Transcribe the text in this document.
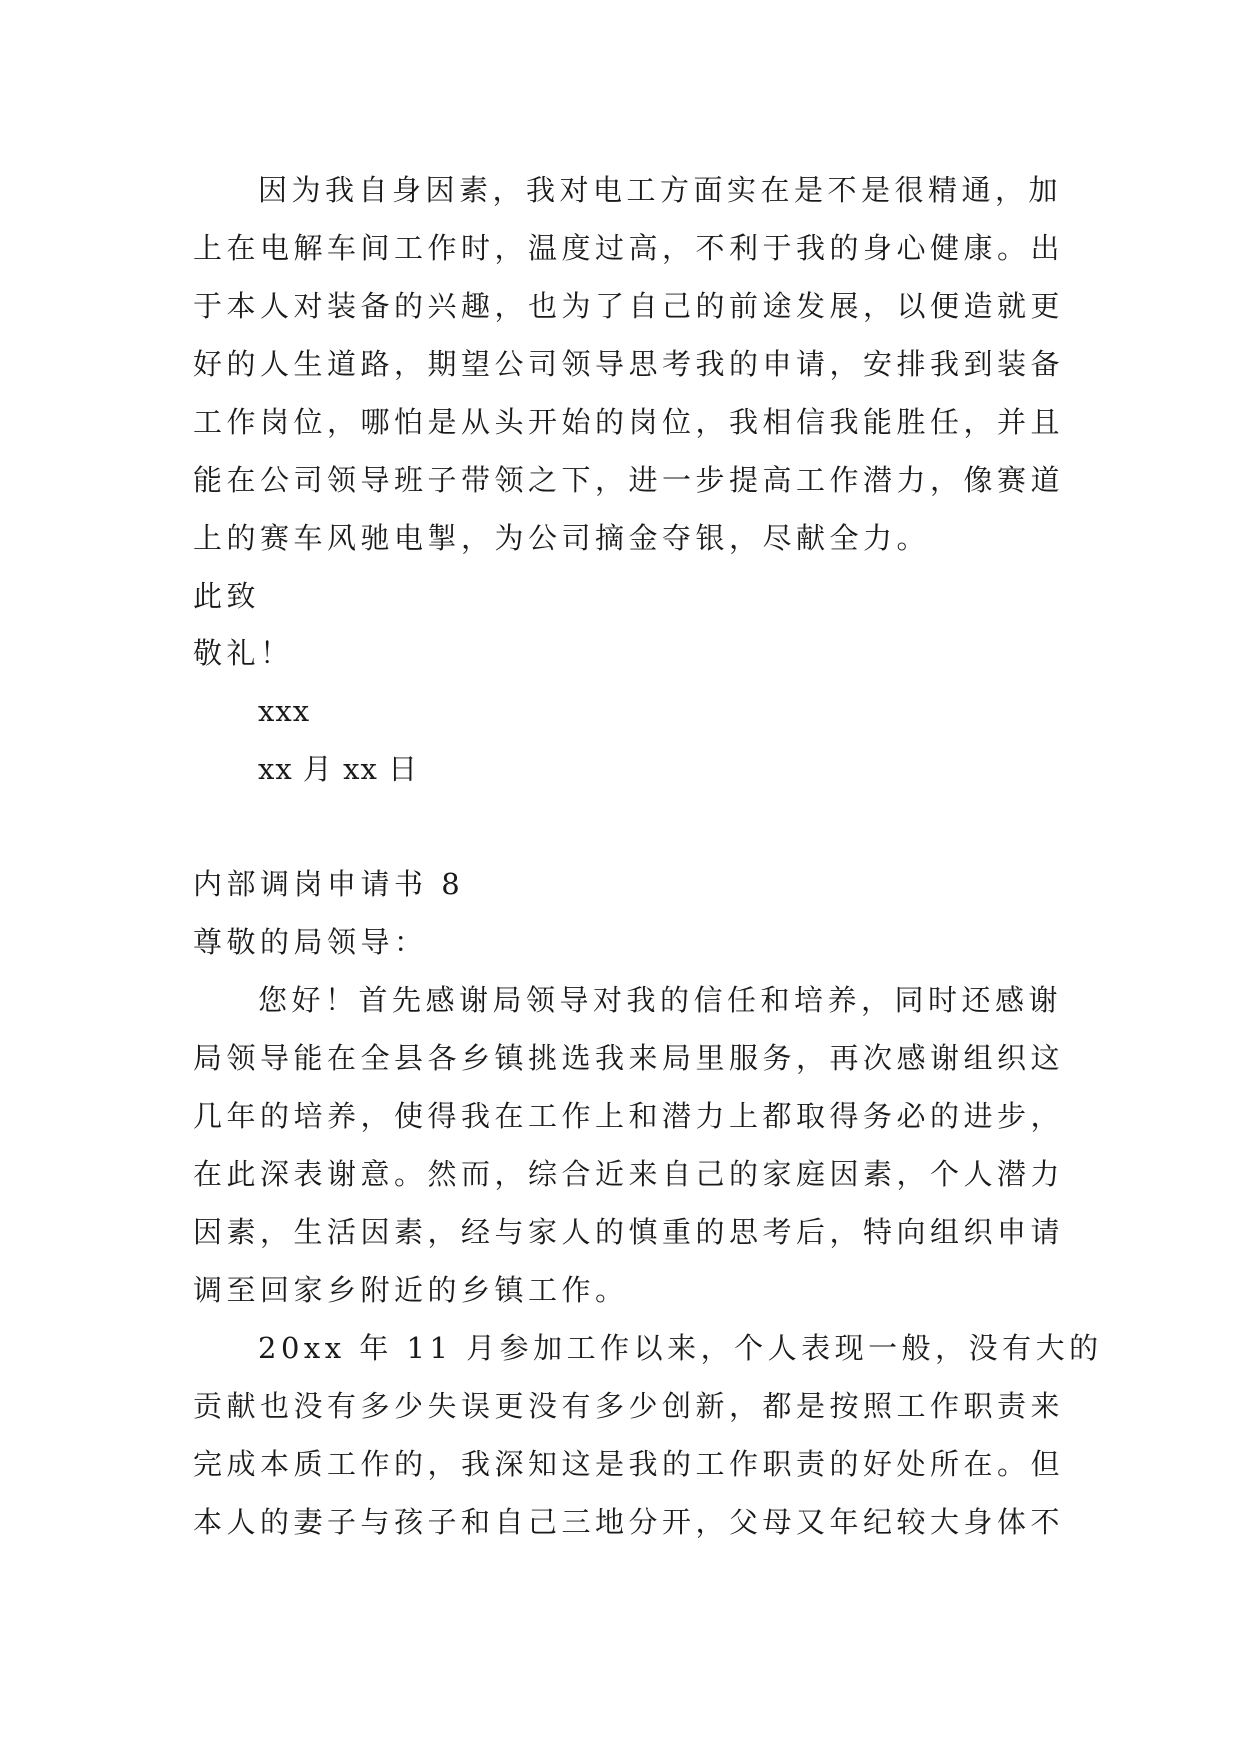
因为我自身因素，我对电工方面实在是不是很精通，加
上在电解车间工作时，温度过高，不利于我的身心健康。出
于本人对装备的兴趣，也为了自己的前途发展，以便造就更
好的人生道路，期望公司领导思考我的申请，安排我到装备
工作岗位，哪怕是从头开始的岗位，我相信我能胜任，并且
能在公司领导班子带领之下，进一步提高工作潜力，像赛道
上的赛车风驰电掣，为公司摘金夺银，尽献全力。
此致
敬礼！
xxx
xx 月 xx 日
内部调岗申请书 8
尊敬的局领导：
您好！首先感谢局领导对我的信任和培养，同时还感谢
局领导能在全县各乡镇挑选我来局里服务，再次感谢组织这
几年的培养，使得我在工作上和潜力上都取得务必的进步，
在此深表谢意。然而，综合近来自己的家庭因素，个人潜力
因素，生活因素，经与家人的慎重的思考后，特向组织申请
调至回家乡附近的乡镇工作。
20xx 年 11 月参加工作以来，个人表现一般，没有大的
贡献也没有多少失误更没有多少创新，都是按照工作职责来
完成本质工作的，我深知这是我的工作职责的好处所在。但
本人的妻子与孩子和自己三地分开，父母又年纪较大身体不
